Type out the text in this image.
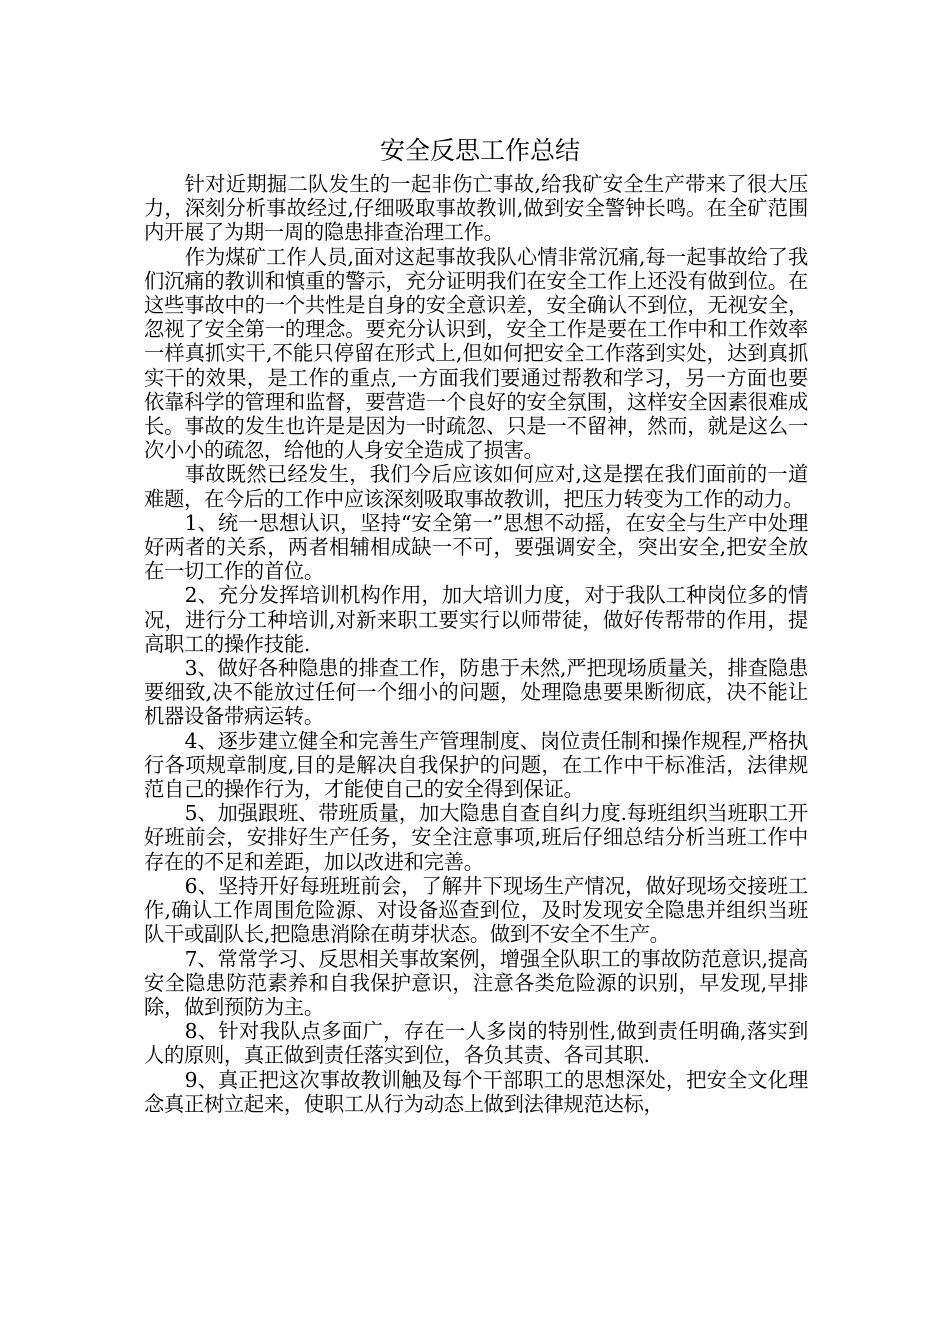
安全反思工作总结

针对近期掘二队发生的一起非伤亡事故,给我矿安全生产带来了很大压力，深刻分析事故经过,仔细吸取事故教训,做到安全警钟长鸣。在全矿范围内开展了为期一周的隐患排查治理工作。

作为煤矿工作人员,面对这起事故我队心情非常沉痛,每一起事故给了我们沉痛的教训和慎重的警示，充分证明我们在安全工作上还没有做到位。在这些事故中的一个共性是自身的安全意识差，安全确认不到位，无视安全，忽视了安全第一的理念。要充分认识到，安全工作是要在工作中和工作效率一样真抓实干,不能只停留在形式上,但如何把安全工作落到实处，达到真抓实干的效果，是工作的重点,一方面我们要通过帮教和学习，另一方面也要依靠科学的管理和监督，要营造一个良好的安全氛围，这样安全因素很难成长。事故的发生也许是是因为一时疏忽、只是一不留神，然而，就是这么一次小小的疏忽，给他的人身安全造成了损害。

事故既然已经发生，我们今后应该如何应对,这是摆在我们面前的一道难题，在今后的工作中应该深刻吸取事故教训，把压力转变为工作的动力。

1、统一思想认识，坚持“安全第一”思想不动摇，在安全与生产中处理好两者的关系，两者相辅相成缺一不可，要强调安全，突出安全,把安全放在一切工作的首位。

2、充分发挥培训机构作用，加大培训力度，对于我队工种岗位多的情况，进行分工种培训,对新来职工要实行以师带徒，做好传帮带的作用，提高职工的操作技能.

3、做好各种隐患的排查工作，防患于未然,严把现场质量关，排查隐患要细致,决不能放过任何一个细小的问题，处理隐患要果断彻底，决不能让机器设备带病运转。

4、逐步建立健全和完善生产管理制度、岗位责任制和操作规程,严格执行各项规章制度,目的是解决自我保护的问题，在工作中干标准活，法律规范自己的操作行为，才能使自己的安全得到保证。

5、加强跟班、带班质量，加大隐患自查自纠力度.每班组织当班职工开好班前会，安排好生产任务，安全注意事项,班后仔细总结分析当班工作中存在的不足和差距，加以改进和完善。

6、坚持开好每班班前会，了解井下现场生产情况，做好现场交接班工作,确认工作周围危险源、对设备巡查到位，及时发现安全隐患并组织当班队干或副队长,把隐患消除在萌芽状态。做到不安全不生产。

7、常常学习、反思相关事故案例，增强全队职工的事故防范意识,提高安全隐患防范素养和自我保护意识，注意各类危险源的识别，早发现,早排除，做到预防为主。

8、针对我队点多面广，存在一人多岗的特别性,做到责任明确,落实到人的原则，真正做到责任落实到位，各负其责、各司其职.

9、真正把这次事故教训触及每个干部职工的思想深处，把安全文化理念真正树立起来，使职工从行为动态上做到法律规范达标，
